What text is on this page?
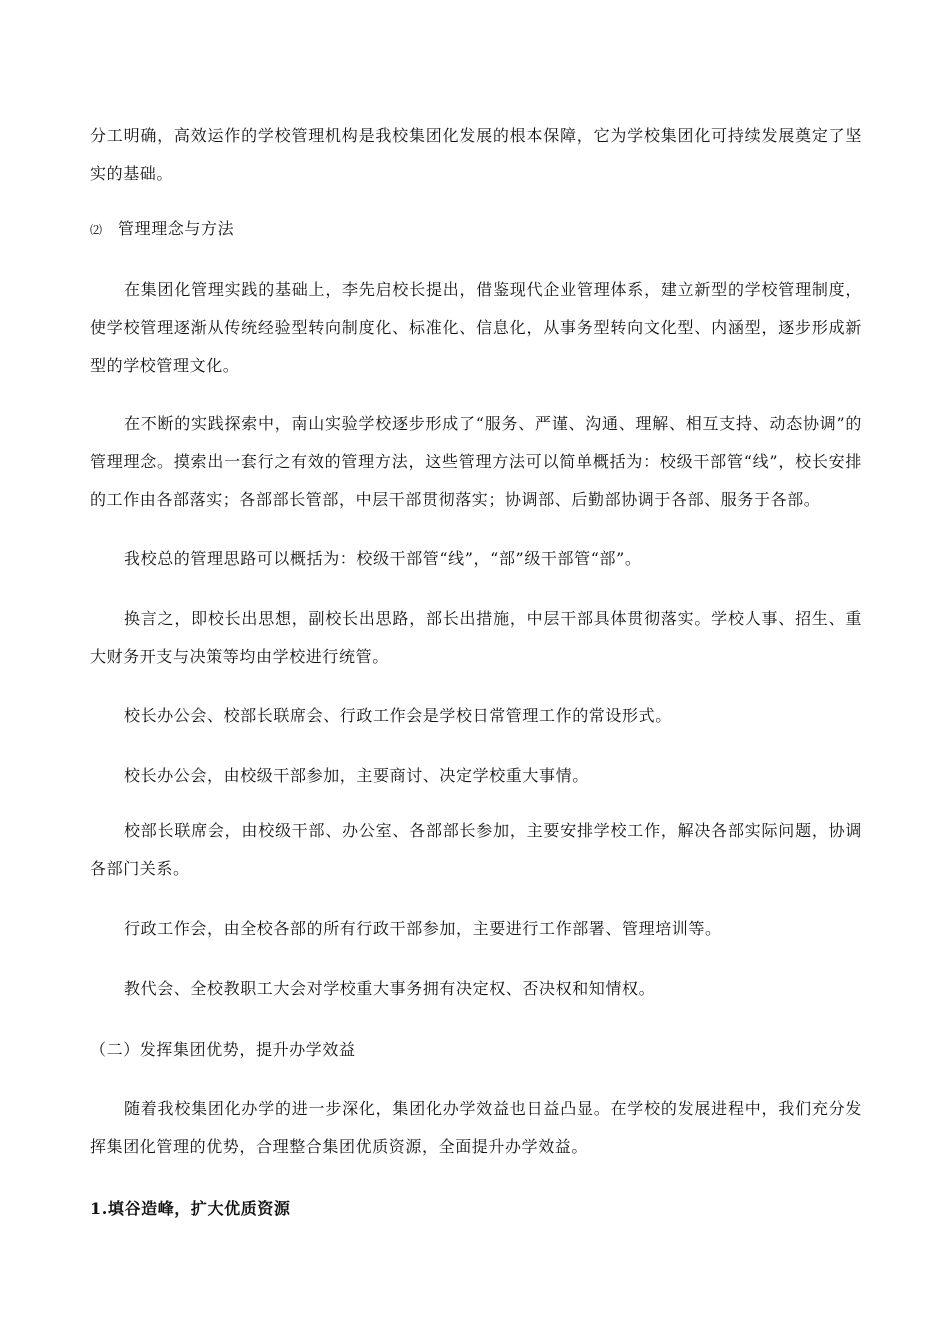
分工明确，高效运作的学校管理机构是我校集团化发展的根本保障，它为学校集团化可持续发展奠定了坚实的基础。
⑵ 管理理念与方法
在集团化管理实践的基础上，李先启校长提出，借鉴现代企业管理体系，建立新型的学校管理制度，使学校管理逐渐从传统经验型转向制度化、标准化、信息化，从事务型转向文化型、内涵型，逐步形成新型的学校管理文化。
在不断的实践探索中，南山实验学校逐步形成了“服务、严谨、沟通、理解、相互支持、动态协调”的管理理念。摸索出一套行之有效的管理方法，这些管理方法可以简单概括为：校级干部管“线”，校长安排的工作由各部落实；各部部长管部，中层干部贯彻落实；协调部、后勤部协调于各部、服务于各部。
我校总的管理思路可以概括为：校级干部管“线”，“部”级干部管“部”。
换言之，即校长出思想，副校长出思路，部长出措施，中层干部具体贯彻落实。学校人事、招生、重大财务开支与决策等均由学校进行统管。
校长办公会、校部长联席会、行政工作会是学校日常管理工作的常设形式。
校长办公会，由校级干部参加，主要商讨、决定学校重大事情。
校部长联席会，由校级干部、办公室、各部部长参加，主要安排学校工作，解决各部实际问题，协调各部门关系。
行政工作会，由全校各部的所有行政干部参加，主要进行工作部署、管理培训等。
教代会、全校教职工大会对学校重大事务拥有决定权、否决权和知情权。
（二）发挥集团优势，提升办学效益
随着我校集团化办学的进一步深化，集团化办学效益也日益凸显。在学校的发展进程中，我们充分发挥集团化管理的优势，合理整合集团优质资源，全面提升办学效益。
1.填谷造峰，扩大优质资源
